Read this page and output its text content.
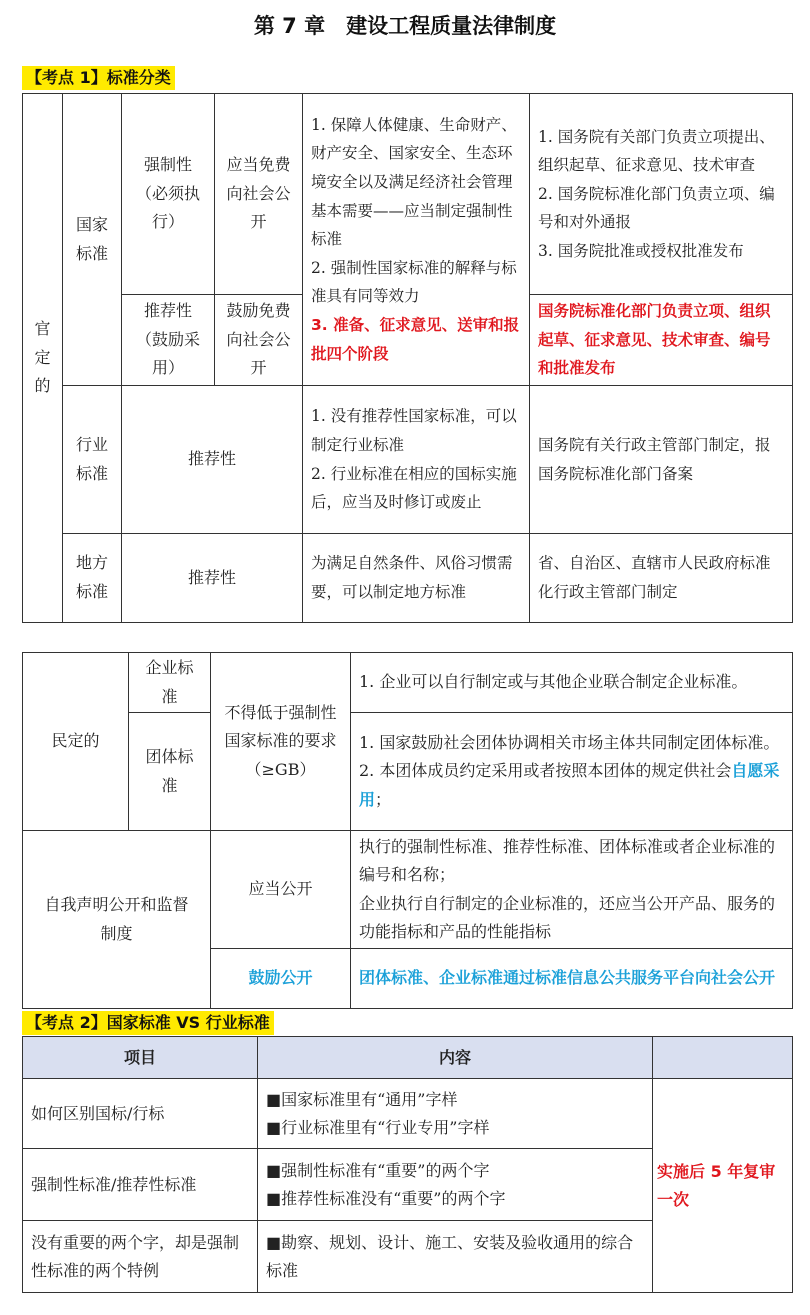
第 7 章　建设工程质量法律制度
【考点 1】标准分类
官定的	国家标准	强制性（必须执行）	应当免费向社会公开	1. 保障人体健康、生命财产、财产安全、国家安全、生态环境安全以及满足经济社会管理基本需要——应当制定强制性标准
2. 强制性国家标准的解释与标准具有同等效力
3. 准备、征求意见、送审和报批四个阶段	1. 国务院有关部门负责立项提出、组织起草、征求意见、技术审查
2. 国务院标准化部门负责立项、编号和对外通报
3. 国务院批准或授权批准发布

		推荐性（鼓励采用）	鼓励免费向社会公开		国务院标准化部门负责立项、组织起草、征求意见、技术审查、编号和批准发布
	行业标准	推荐性		1. 没有推荐性国家标准，可以制定行业标准
2. 行业标准在相应的国标实施后，应当及时修订或废止	国务院有关行政主管部门制定，报国务院标准化部门备案
	地方标准	推荐性		为满足自然条件、风俗习惯需要，可以制定地方标准	省、自治区、直辖市人民政府标准化行政主管部门制定
民定的	企业标准	不得低于强制性国家标准的要求（≥GB）	1. 企业可以自行制定或与其他企业联合制定企业标准。
	团体标准		1. 国家鼓励社会团体协调相关市场主体共同制定团体标准。
2. 本团体成员约定采用或者按照本团体的规定供社会自愿采用；

自我声明公开和监督制度		应当公开	执行的强制性标准、推荐性标准、团体标准或者企业标准的编号和名称；
企业执行自行制定的企业标准的，还应当公开产品、服务的功能指标和产品的性能指标

		鼓励公开	团体标准、企业标准通过标准信息公共服务平台向社会公开
【考点 2】国家标准 VS 行业标准
项目	内容	
如何区别国标/行标	■国家标准里有“通用”字样
■行业标准里有“行业专用”字样	实施后 5 年复审一次
强制性标准/推荐性标准	■强制性标准有“重要”的两个字
■推荐性标准没有“重要”的两个字	

没有重要的两个字，却是强制性标准的两个特例	■勘察、规划、设计、施工、安装及验收通用的综合标准	
